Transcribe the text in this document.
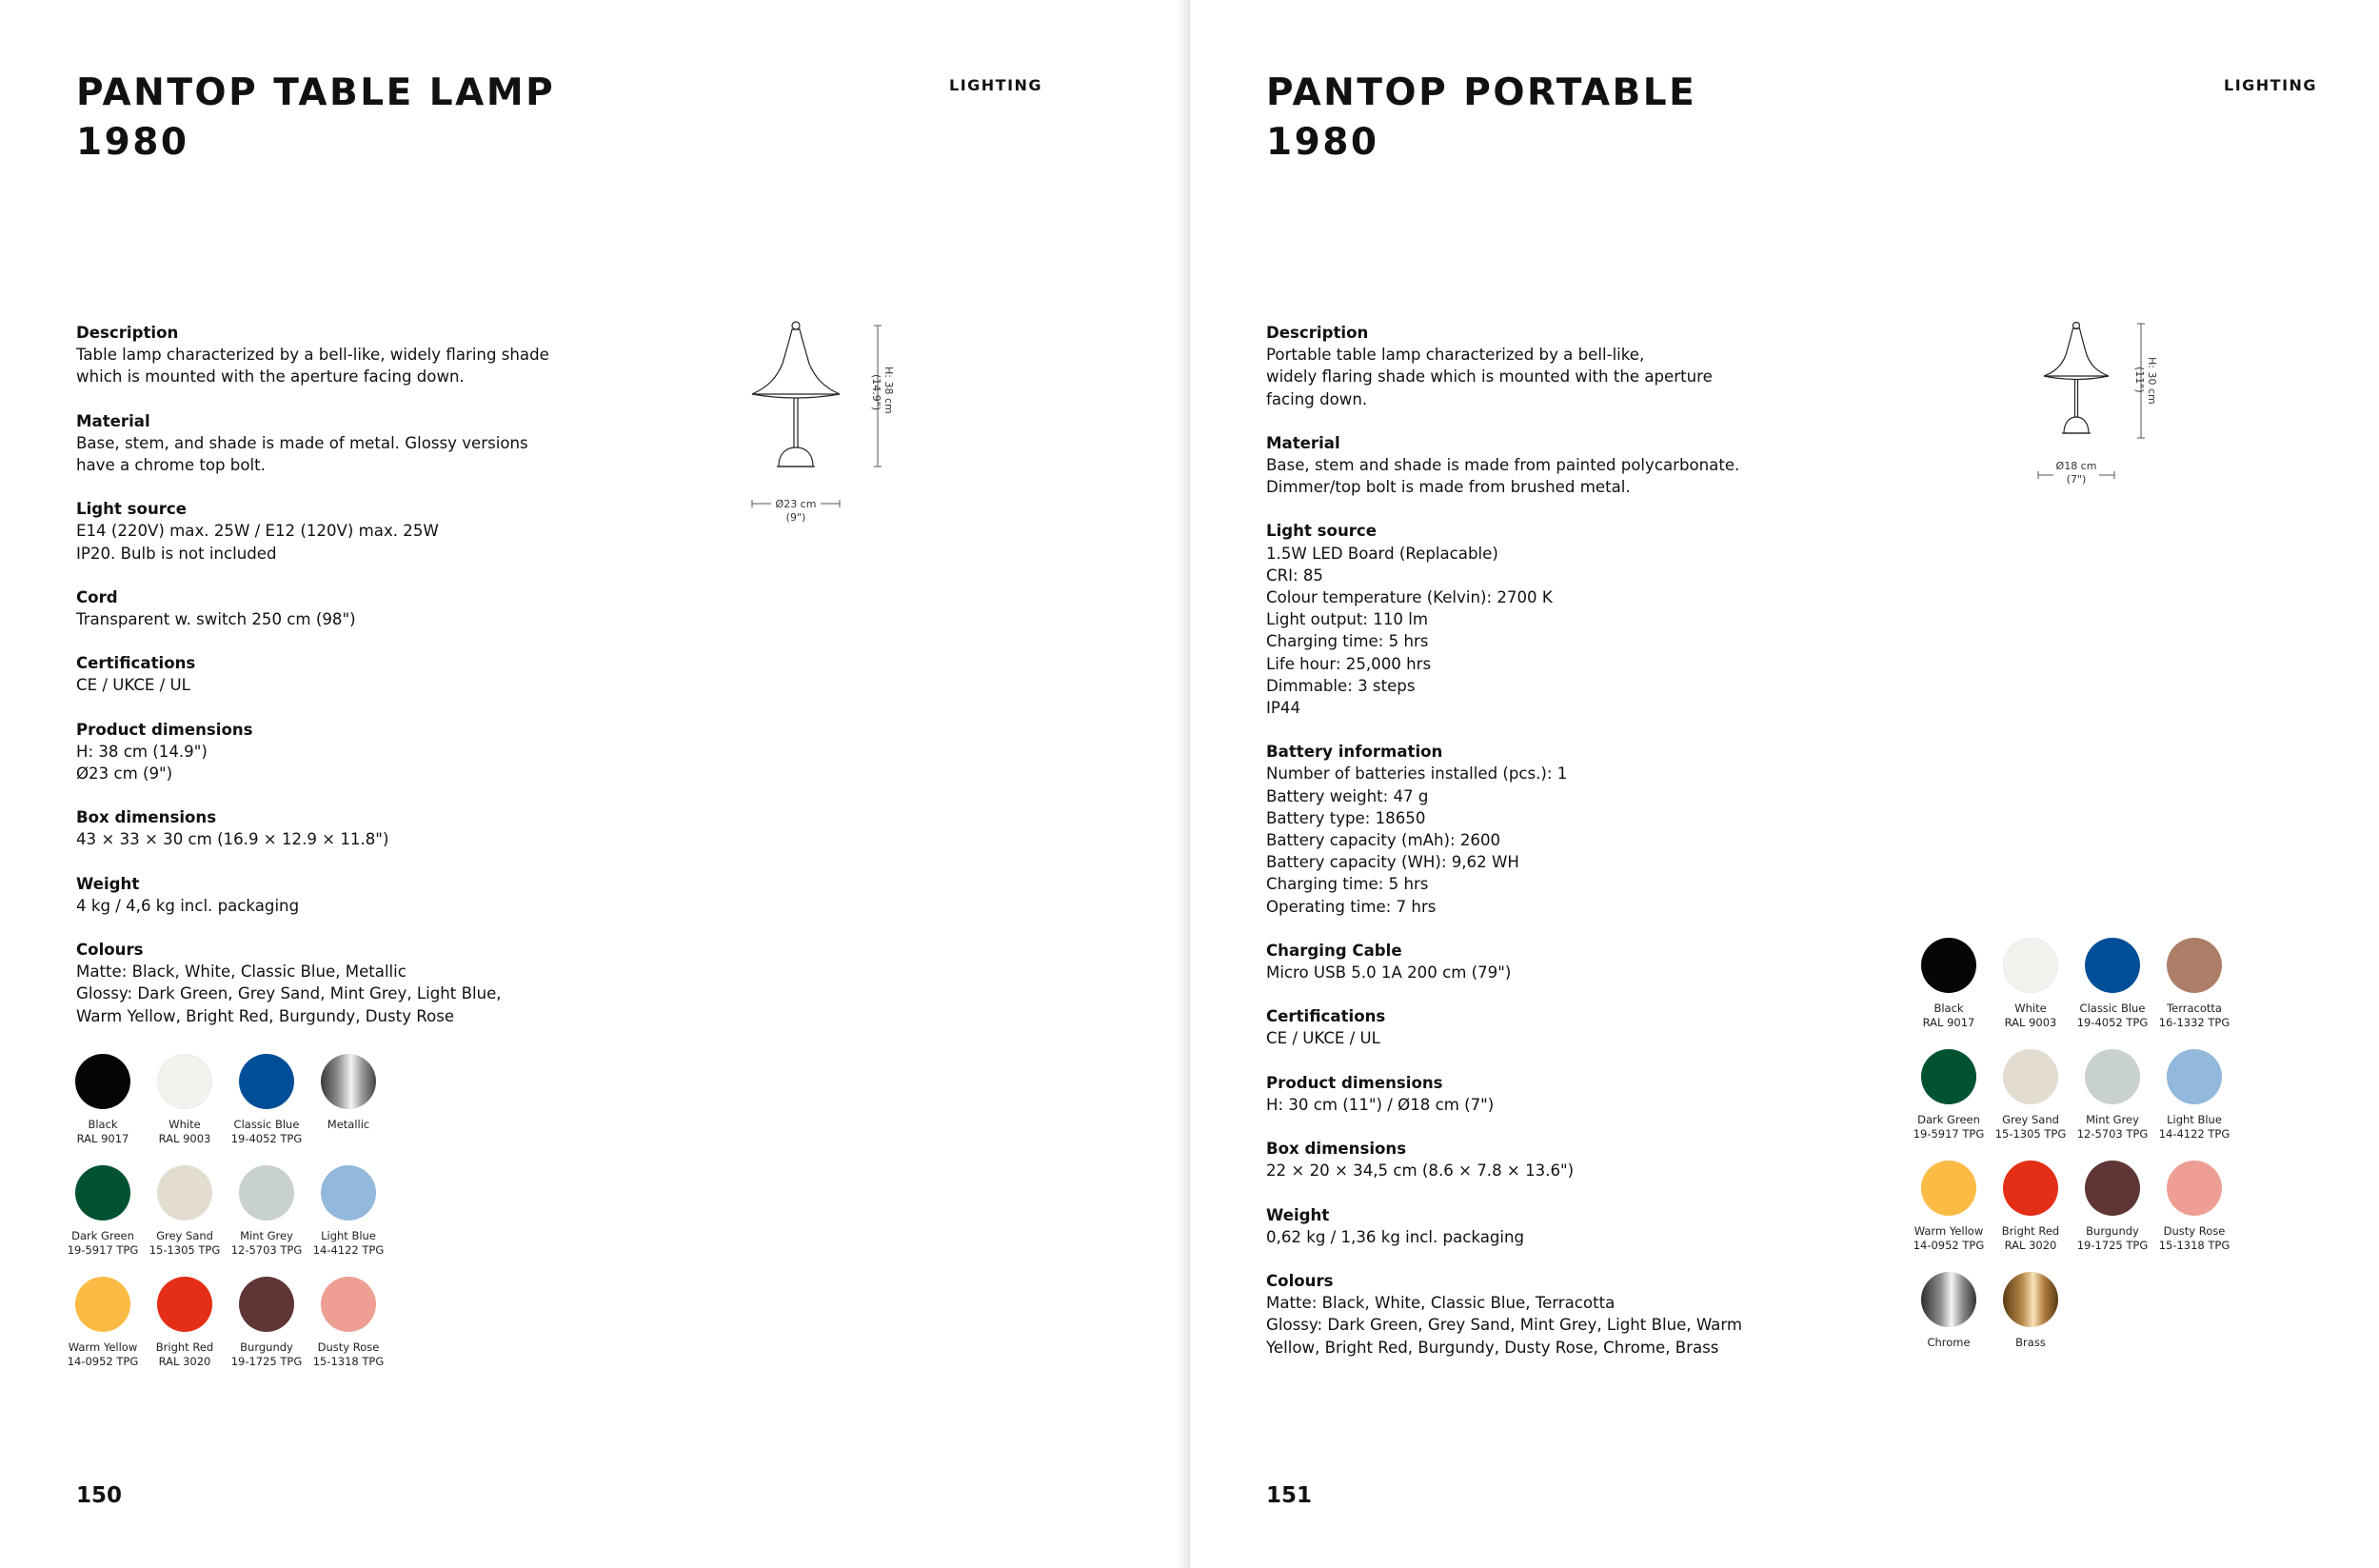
PANTOP TABLE LAMP
1980
LIGHTING
Description
Table lamp characterized by a bell-like, widely flaring shade
which is mounted with the aperture facing down.
Material
Base, stem, and shade is made of metal. Glossy versions
have a chrome top bolt.
Light source
E14 (220V) max. 25W / E12 (120V) max. 25W
IP20. Bulb is not included
Cord
Transparent w. switch 250 cm (98")
Certifications
CE / UKCE / UL
Product dimensions
H: 38 cm (14.9")
Ø23 cm (9")
Box dimensions
43 × 33 × 30 cm (16.9 × 12.9 × 11.8")
Weight
4 kg / 4,6 kg incl. packaging
Colours
Matte: Black, White, Classic Blue, Metallic
Glossy: Dark Green, Grey Sand, Mint Grey, Light Blue,
Warm Yellow, Bright Red, Burgundy, Dusty Rose
H: 38 cm
(14.9")
Ø23 cm
(9")
Black
RAL 9017
White
RAL 9003
Classic Blue
19-4052 TPG
Metallic
Dark Green
19-5917 TPG
Grey Sand
15-1305 TPG
Mint Grey
12-5703 TPG
Light Blue
14-4122 TPG
Warm Yellow
14-0952 TPG
Bright Red
RAL 3020
Burgundy
19-1725 TPG
Dusty Rose
15-1318 TPG
150
PANTOP PORTABLE
1980
LIGHTING
Description
Portable table lamp characterized by a bell-like,
widely flaring shade which is mounted with the aperture
facing down.
Material
Base, stem and shade is made from painted polycarbonate.
Dimmer/top bolt is made from brushed metal.
Light source
1.5W LED Board (Replacable)
CRI: 85
Colour temperature (Kelvin): 2700 K
Light output: 110 lm
Charging time: 5 hrs
Life hour: 25,000 hrs
Dimmable: 3 steps
IP44
Battery information
Number of batteries installed (pcs.): 1
Battery weight: 47 g
Battery type: 18650
Battery capacity (mAh): 2600
Battery capacity (WH): 9,62 WH
Charging time: 5 hrs
Operating time: 7 hrs
Charging Cable
Micro USB 5.0 1A 200 cm (79")
Certifications
CE / UKCE / UL
Product dimensions
H: 30 cm (11") / Ø18 cm (7")
Box dimensions
22 × 20 × 34,5 cm (8.6 × 7.8 × 13.6")
Weight
0,62 kg / 1,36 kg incl. packaging
Colours
Matte: Black, White, Classic Blue, Terracotta
Glossy: Dark Green, Grey Sand, Mint Grey, Light Blue, Warm
Yellow, Bright Red, Burgundy, Dusty Rose, Chrome, Brass
H: 30 cm
(11")
Ø18 cm
(7")
Black
RAL 9017
White
RAL 9003
Classic Blue
19-4052 TPG
Terracotta
16-1332 TPG
Dark Green
19-5917 TPG
Grey Sand
15-1305 TPG
Mint Grey
12-5703 TPG
Light Blue
14-4122 TPG
Warm Yellow
14-0952 TPG
Bright Red
RAL 3020
Burgundy
19-1725 TPG
Dusty Rose
15-1318 TPG
Chrome	Brass
151
